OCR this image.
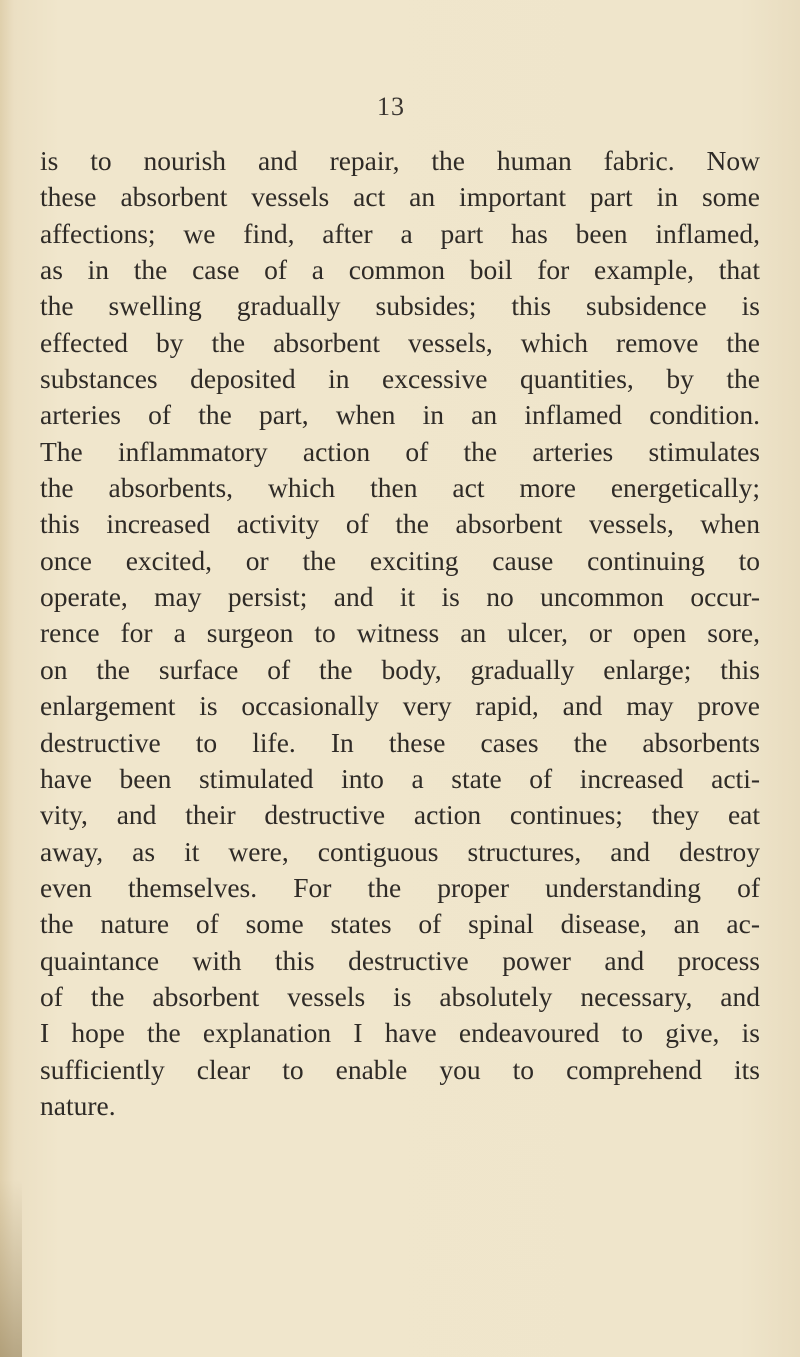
13
is to nourish and repair, the human fabric. Now
these absorbent vessels act an important part in some
affections; we find, after a part has been inflamed,
as in the case of a common boil for example, that
the swelling gradually subsides; this subsidence is
effected by the absorbent vessels, which remove the
substances deposited in excessive quantities, by the
arteries of the part, when in an inflamed condition.
The inflammatory action of the arteries stimulates
the absorbents, which then act more energetically;
this increased activity of the absorbent vessels, when
once excited, or the exciting cause continuing to
operate, may persist; and it is no uncommon occur-
rence for a surgeon to witness an ulcer, or open sore,
on the surface of the body, gradually enlarge; this
enlargement is occasionally very rapid, and may prove
destructive to life. In these cases the absorbents
have been stimulated into a state of increased acti-
vity, and their destructive action continues; they eat
away, as it were, contiguous structures, and destroy
even themselves. For the proper understanding of
the nature of some states of spinal disease, an ac-
quaintance with this destructive power and process
of the absorbent vessels is absolutely necessary, and
I hope the explanation I have endeavoured to give, is
sufficiently clear to enable you to comprehend its
nature.
